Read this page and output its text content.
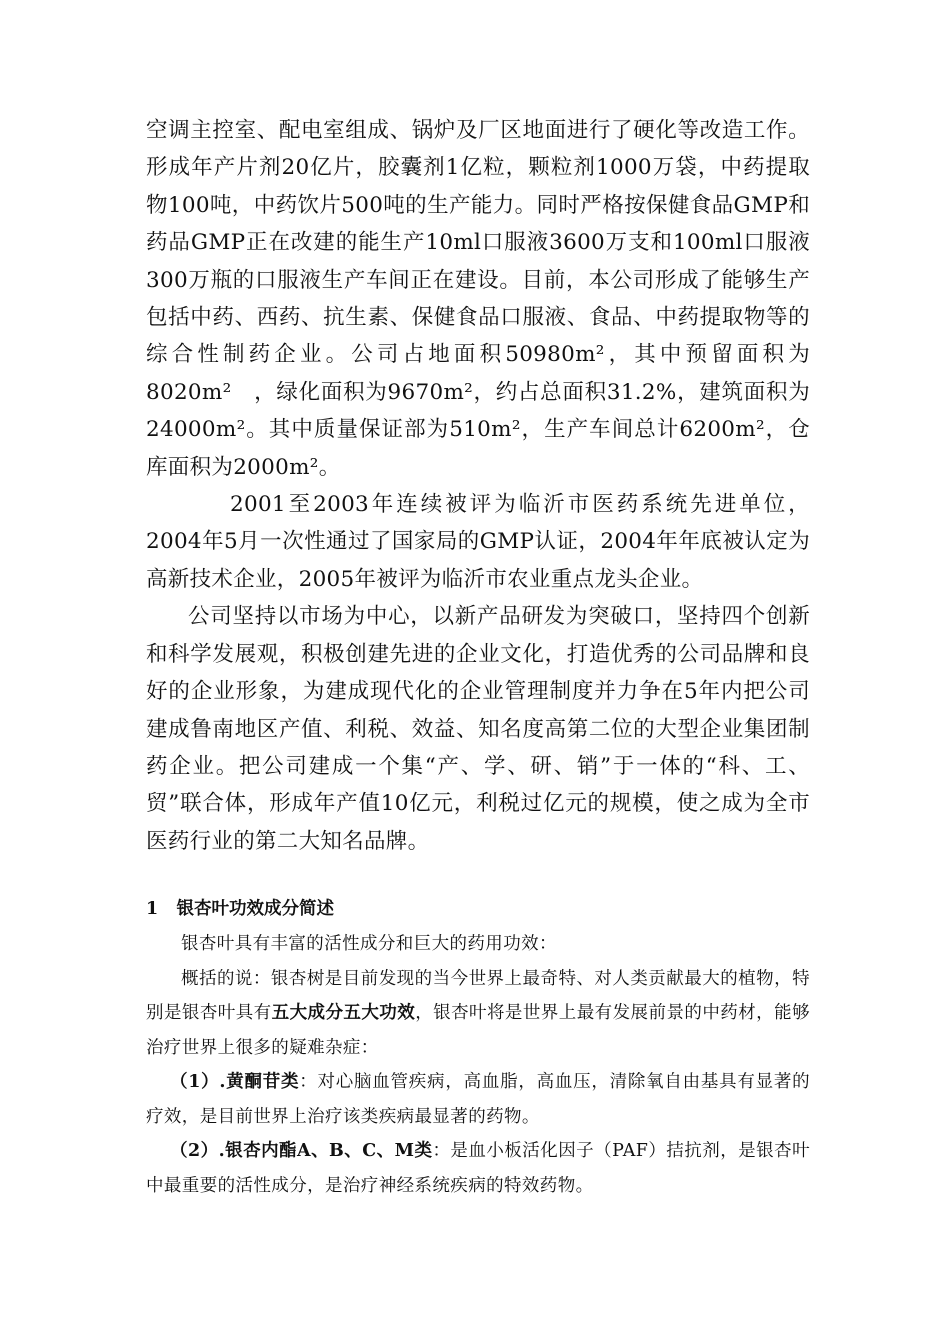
空调主控室、配电室组成、锅炉及厂区地面进行了硬化等改造工作。形成年产片剂20亿片，胶囊剂1亿粒，颗粒剂1000万袋，中药提取物100吨，中药饮片500吨的生产能力。同时严格按保健食品GMP和药品GMP正在改建的能生产10ml口服液3600万支和100ml口服液300万瓶的口服液生产车间正在建设。目前，本公司形成了能够生产包括中药、西药、抗生素、保健食品口服液、食品、中药提取物等的综合性制药企业。公司占地面积50980m²，其中预留面积为8020m²　，绿化面积为9670m²，约占总面积31.2%，建筑面积为24000m²。其中质量保证部为510m²，生产车间总计6200m²，仓库面积为2000m²。

2001至2003年连续被评为临沂市医药系统先进单位，2004年5月一次性通过了国家局的GMP认证，2004年年底被认定为高新技术企业，2005年被评为临沂市农业重点龙头企业。

公司坚持以市场为中心，以新产品研发为突破口，坚持四个创新和科学发展观，积极创建先进的企业文化，打造优秀的公司品牌和良好的企业形象，为建成现代化的企业管理制度并力争在5年内把公司建成鲁南地区产值、利税、效益、知名度高第二位的大型企业集团制药企业。把公司建成一个集“产、学、研、销”于一体的“科、工、贸”联合体，形成年产值10亿元，利税过亿元的规模，使之成为全市医药行业的第二大知名品牌。

1 银杏叶功效成分简述

银杏叶具有丰富的活性成分和巨大的药用功效：

概括的说：银杏树是目前发现的当今世界上最奇特、对人类贡献最大的植物，特别是银杏叶具有五大成分五大功效，银杏叶将是世界上最有发展前景的中药材，能够治疗世界上很多的疑难杂症：

（1）.黄酮苷类：对心脑血管疾病，高血脂，高血压，清除氧自由基具有显著的疗效，是目前世界上治疗该类疾病最显著的药物。

（2）.银杏内酯A、B、C、M类：是血小板活化因子（PAF）拮抗剂，是银杏叶中最重要的活性成分，是治疗神经系统疾病的特效药物。
